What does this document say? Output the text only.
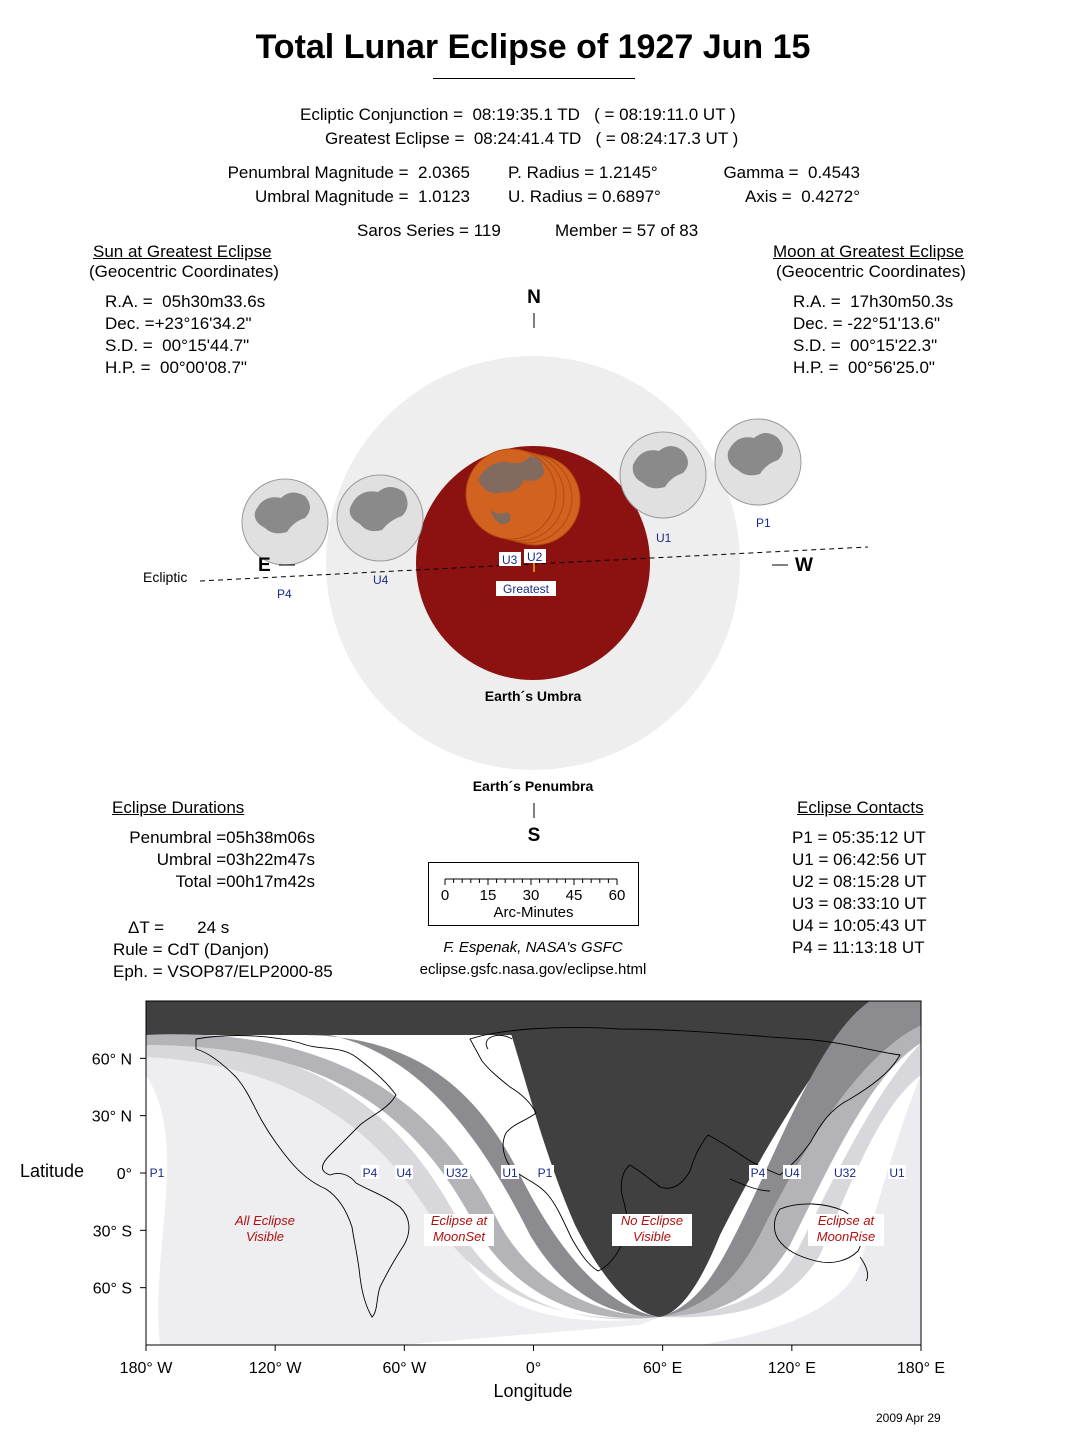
Total Lunar Eclipse of 1927 Jun 15
Ecliptic Conjunction = 08:19:35.1 TD ( = 08:19:11.0 UT )
Greatest Eclipse = 08:24:41.4 TD ( = 08:24:17.3 UT )
Penumbral Magnitude = 2.0365
Umbral Magnitude = 1.0123
P. Radius = 1.2145°
U. Radius = 0.6897°
Gamma = 0.4543
Axis = 0.4272°
Saros Series = 119	Member = 57 of 83
Sun at Greatest Eclipse
(Geocentric Coordinates)
R.A. = 05h30m33.6s
Dec. =+23°16'34.2"
S.D. = 00°15'44.7"
H.P. = 00°00'08.7"
Moon at Greatest Eclipse
(Geocentric Coordinates)
R.A. = 17h30m50.3s
Dec. = -22°51'13.6"
S.D. = 00°15'22.3"
H.P. = 00°56'25.0"
N
Ecliptic
E	W
P1
U1
U4
P4
U3 U2
Greatest
Earth´s Umbra
Earth´s Penumbra
S
Eclipse Durations
Penumbral =05h38m06s
Umbral =03h22m47s
Total =00h17m42s
ΔT = 24 s
Rule = CdT (Danjon)
Eph. = VSOP87/ELP2000-85
Eclipse Contacts
P1 = 05:35:12 UT
U1 = 06:42:56 UT
U2 = 08:15:28 UT
U3 = 08:33:10 UT
U4 = 10:05:43 UT
P4 = 11:13:18 UT
0	15	30	45	60
Arc-Minutes
F. Espenak, NASA's GSFC
eclipse.gsfc.nasa.gov/eclipse.html
60° N
30° N
0°
30° S
60° S
180° W	120° W	60° W	0°	60° E	120° E	180° E
Latitude
Longitude
P1	P4 U4	U32	U1 P1	P4 U4	U32	U1
All Eclipse
Visible
Eclipse at
MoonSet
No Eclipse
Visible
Eclipse at
MoonRise
2009 Apr 29
